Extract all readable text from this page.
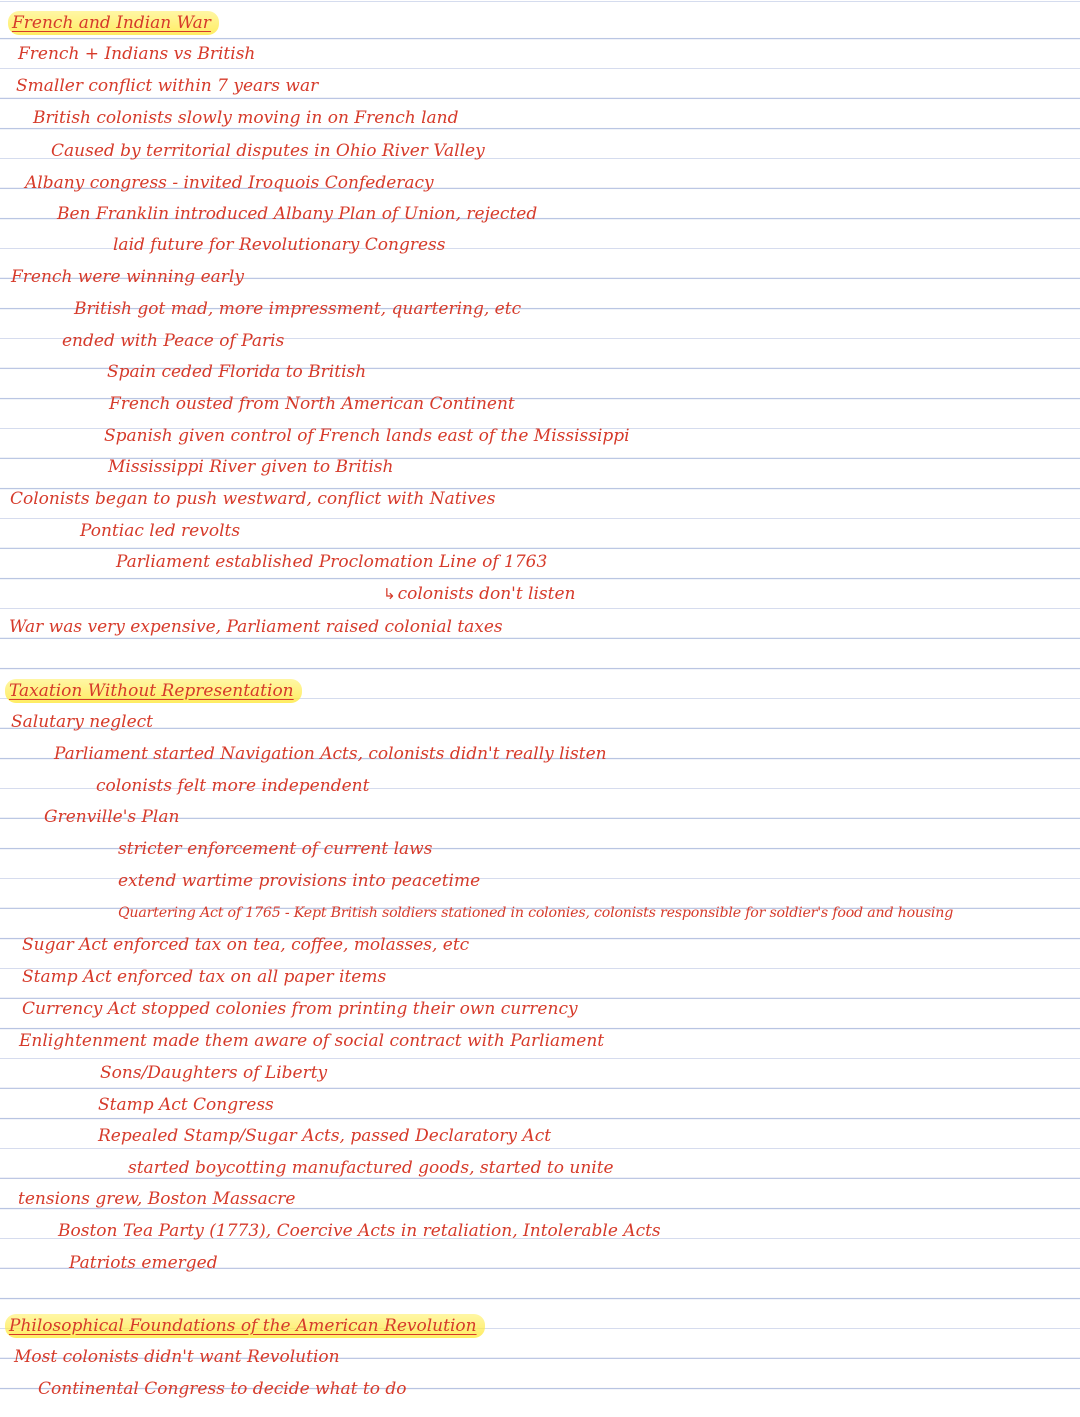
French and Indian War
French + Indians vs British
Smaller conflict within 7 years war
British colonists slowly moving in on French land
Caused by territorial disputes in Ohio River Valley
Albany congress - invited Iroquois Confederacy
Ben Franklin introduced Albany Plan of Union, rejected
laid future for Revolutionary Congress
French were winning early
British got mad, more impressment, quartering, etc
ended with Peace of Paris
Spain ceded Florida to British
French ousted from North American Continent
Spanish given control of French lands east of the Mississippi
Mississippi River given to British
Colonists began to push westward, conflict with Natives
Pontiac led revolts
Parliament established Proclomation Line of 1763
↳ colonists don't listen
War was very expensive, Parliament raised colonial taxes
Taxation Without Representation
Salutary neglect
Parliament started Navigation Acts, colonists didn't really listen
colonists felt more independent
Grenville's Plan
stricter enforcement of current laws
extend wartime provisions into peacetime
Quartering Act of 1765 - Kept British soldiers stationed in colonies, colonists responsible for soldier's food and housing
Sugar Act enforced tax on tea, coffee, molasses, etc
Stamp Act enforced tax on all paper items
Currency Act stopped colonies from printing their own currency
Enlightenment made them aware of social contract with Parliament
Sons/Daughters of Liberty
Stamp Act Congress
Repealed Stamp/Sugar Acts, passed Declaratory Act
started boycotting manufactured goods, started to unite
tensions grew, Boston Massacre
Boston Tea Party (1773), Coercive Acts in retaliation, Intolerable Acts
Patriots emerged
Philosophical Foundations of the American Revolution
Most colonists didn't want Revolution
Continental Congress to decide what to do
